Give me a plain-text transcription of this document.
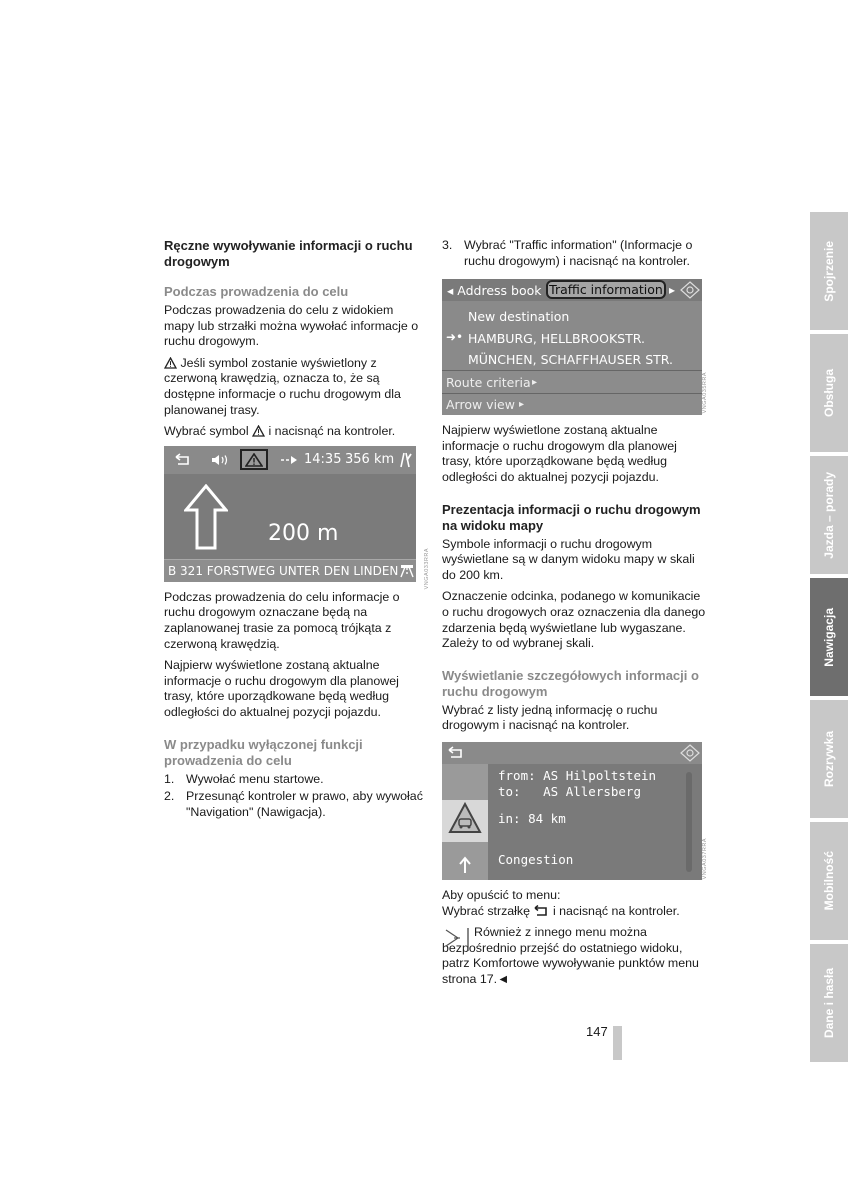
Ręczne wywoływanie informacji o ruchu drogowym
Podczas prowadzenia do celu

Podczas prowadzenia do celu z widokiem mapy lub strzałki można wywołać informacje o ruchu drogowym.

Jeśli symbol zostanie wyświetlony z czerwoną krawędzią, oznacza to, że są dostępne informacje o ruchu drogowym dla planowanej trasy.

Wybrać symbol i nacisnąć na kontroler.

14:35 356 km
200 m
B 321 FORSTWEG UNTER DEN LINDEN

Podczas prowadzenia do celu informacje o ruchu drogowym oznaczane będą na zaplanowanej trasie za pomocą trójkąta z czerwoną krawędzią.

Najpierw wyświetlone zostaną aktualne informacje o ruchu drogowym dla planowej trasy, które uporządkowane będą według odległości do aktualnej pozycji pojazdu.

W przypadku wyłączonej funkcji prowadzenia do celu
1. Wywołać menu startowe.
2. Przesunąć kontroler w prawo, aby wywołać "Navigation" (Nawigacja).
VNGA033RRA
3. Wybrać "Traffic information" (Informacje o ruchu drogowym) i nacisnąć na kontroler.
◂ Address book Traffic information ▸
New destination
➜• HAMBURG, HELLBROOKSTR.
MÜNCHEN, SCHAFFHAUSER STR.
Route criteria ▸
Arrow view ▸

Najpierw wyświetlone zostaną aktualne informacje o ruchu drogowym dla planowej trasy, które uporządkowane będą według odległości do aktualnej pozycji pojazdu.

Prezentacja informacji o ruchu drogowym na widoku mapy

Symbole informacji o ruchu drogowym wyświetlane są w danym widoku mapy w skali do 200 km.

Oznaczenie odcinka, podanego w komunikacie o ruchu drogowych oraz oznaczenia dla danego zdarzenia będą wyświetlane lub wygaszane. Zależy to od wybranej skali.

Wyświetlanie szczegółowych informacji o ruchu drogowym

Wybrać z listy jedną informację o ruchu drogowym i nacisnąć na kontroler.

from: AS Hilpoltstein
to:   AS Allersberg
in: 84 km
Congestion

Aby opuścić to menu:

Wybrać strzałkę i nacisnąć na kontroler.

Również z innego menu można bezpośrednio przejść do ostatniego widoku, patrz Komfortowe wywoływanie punktów menu strona 17.◄
VNGA035RRA
VNGA037RRA
Spojrzenie
Obsługa
Jazda – porady
Nawigacja
Rozrywka
Mobilność
Dane i hasła
147
